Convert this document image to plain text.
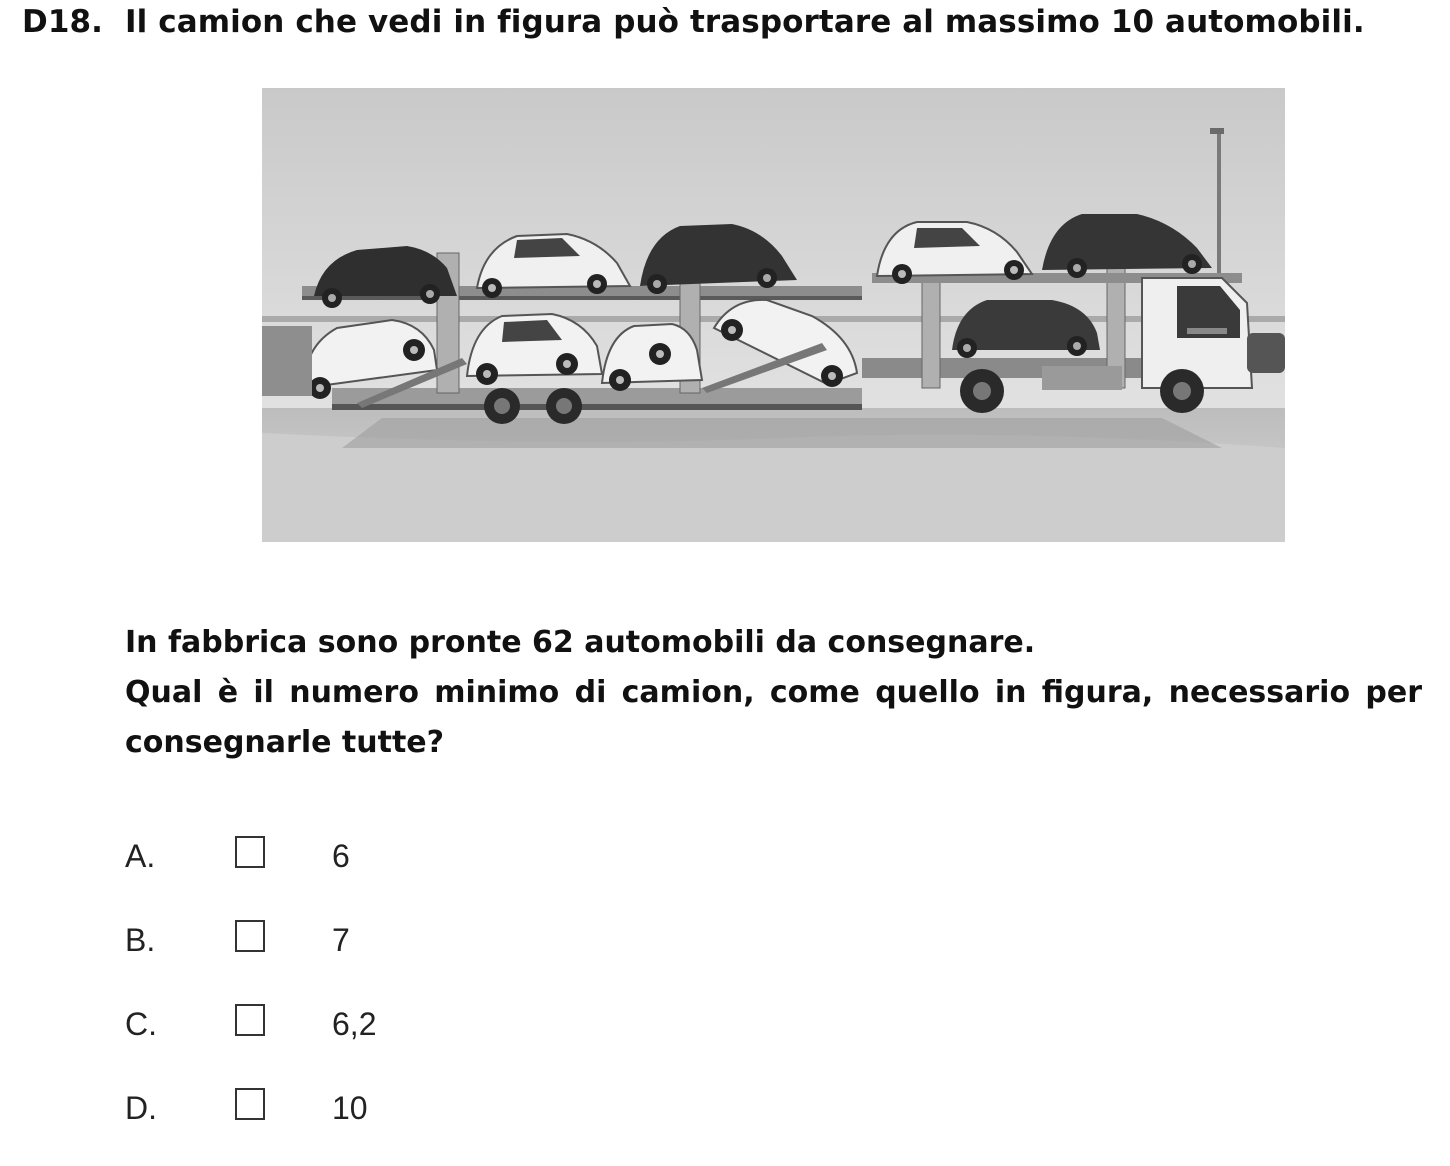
D18. Il camion che vedi in figura può trasportare al massimo 10 automobili.

In fabbrica sono pronte 62 automobili da consegnare.

Qual è il numero minimo di camion, come quello in figura, necessario per

consegnarle tutte?

A.	6
B.	7
C.	6,2
D.	10
